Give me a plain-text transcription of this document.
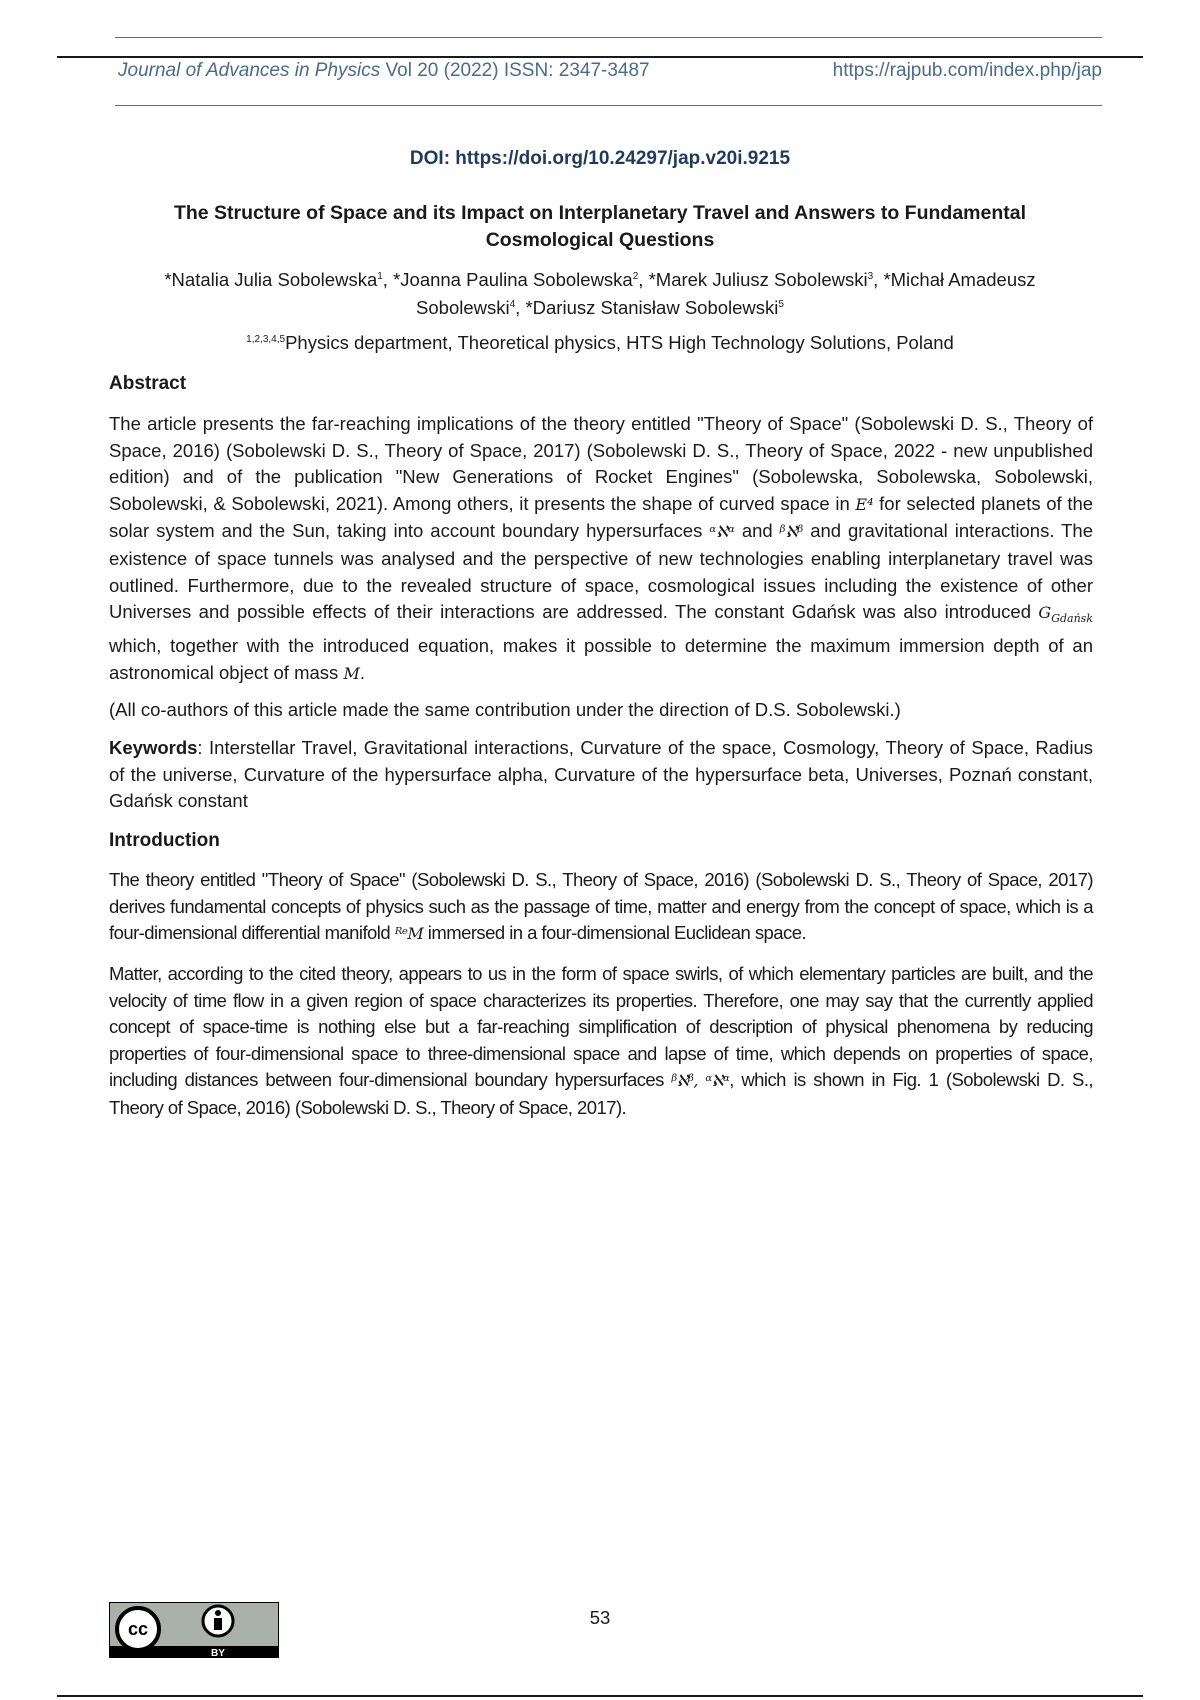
Journal of Advances in Physics Vol 20 (2022) ISSN: 2347-3487	https://rajpub.com/index.php/jap
DOI: https://doi.org/10.24297/jap.v20i.9215
The Structure of Space and its Impact on Interplanetary Travel and Answers to Fundamental Cosmological Questions
*Natalia Julia Sobolewska$^1$, *Joanna Paulina Sobolewska$^2$, *Marek Juliusz Sobolewski$^3$, *Michał Amadeusz Sobolewski$^4$, *Dariusz Stanisław Sobolewski$^5$
$^{1,2,3,4,5}$Physics department, Theoretical physics, HTS High Technology Solutions, Poland
Abstract
The article presents the far-reaching implications of the theory entitled "Theory of Space" (Sobolewski D. S., Theory of Space, 2016) (Sobolewski D. S., Theory of Space, 2017) (Sobolewski D. S., Theory of Space, 2022 - new unpublished edition) and of the publication "New Generations of Rocket Engines" (Sobolewska, Sobolewska, Sobolewski, Sobolewski, & Sobolewski, 2021). Among others, it presents the shape of curved space in E⁴ for selected planets of the solar system and the Sun, taking into account boundary hypersurfaces ᵅℵᵅ and ᵝℵᵝ and gravitational interactions. The existence of space tunnels was analysed and the perspective of new technologies enabling interplanetary travel was outlined. Furthermore, due to the revealed structure of space, cosmological issues including the existence of other Universes and possible effects of their interactions are addressed. The constant Gdańsk was also introduced $G_{Gdańsk}$ which, together with the introduced equation, makes it possible to determine the maximum immersion depth of an astronomical object of mass M.
(All co-authors of this article made the same contribution under the direction of D.S. Sobolewski.)
Keywords: Interstellar Travel, Gravitational interactions, Curvature of the space, Cosmology, Theory of Space, Radius of the universe, Curvature of the hypersurface alpha, Curvature of the hypersurface beta, Universes, Poznań constant, Gdańsk constant
Introduction
The theory entitled "Theory of Space" (Sobolewski D. S., Theory of Space, 2016) (Sobolewski D. S., Theory of Space, 2017) derives fundamental concepts of physics such as the passage of time, matter and energy from the concept of space, which is a four-dimensional differential manifold ᴿᵉM immersed in a four-dimensional Euclidean space.
Matter, according to the cited theory, appears to us in the form of space swirls, of which elementary particles are built, and the velocity of time flow in a given region of space characterizes its properties. Therefore, one may say that the currently applied concept of space-time is nothing else but a far-reaching simplification of description of physical phenomena by reducing properties of four-dimensional space to three-dimensional space and lapse of time, which depends on properties of space, including distances between four-dimensional boundary hypersurfaces ᵝℵᵝ, ᵅℵᵅ, which is shown in Fig. 1 (Sobolewski D. S., Theory of Space, 2016) (Sobolewski D. S., Theory of Space, 2017).
cc
BY
53
